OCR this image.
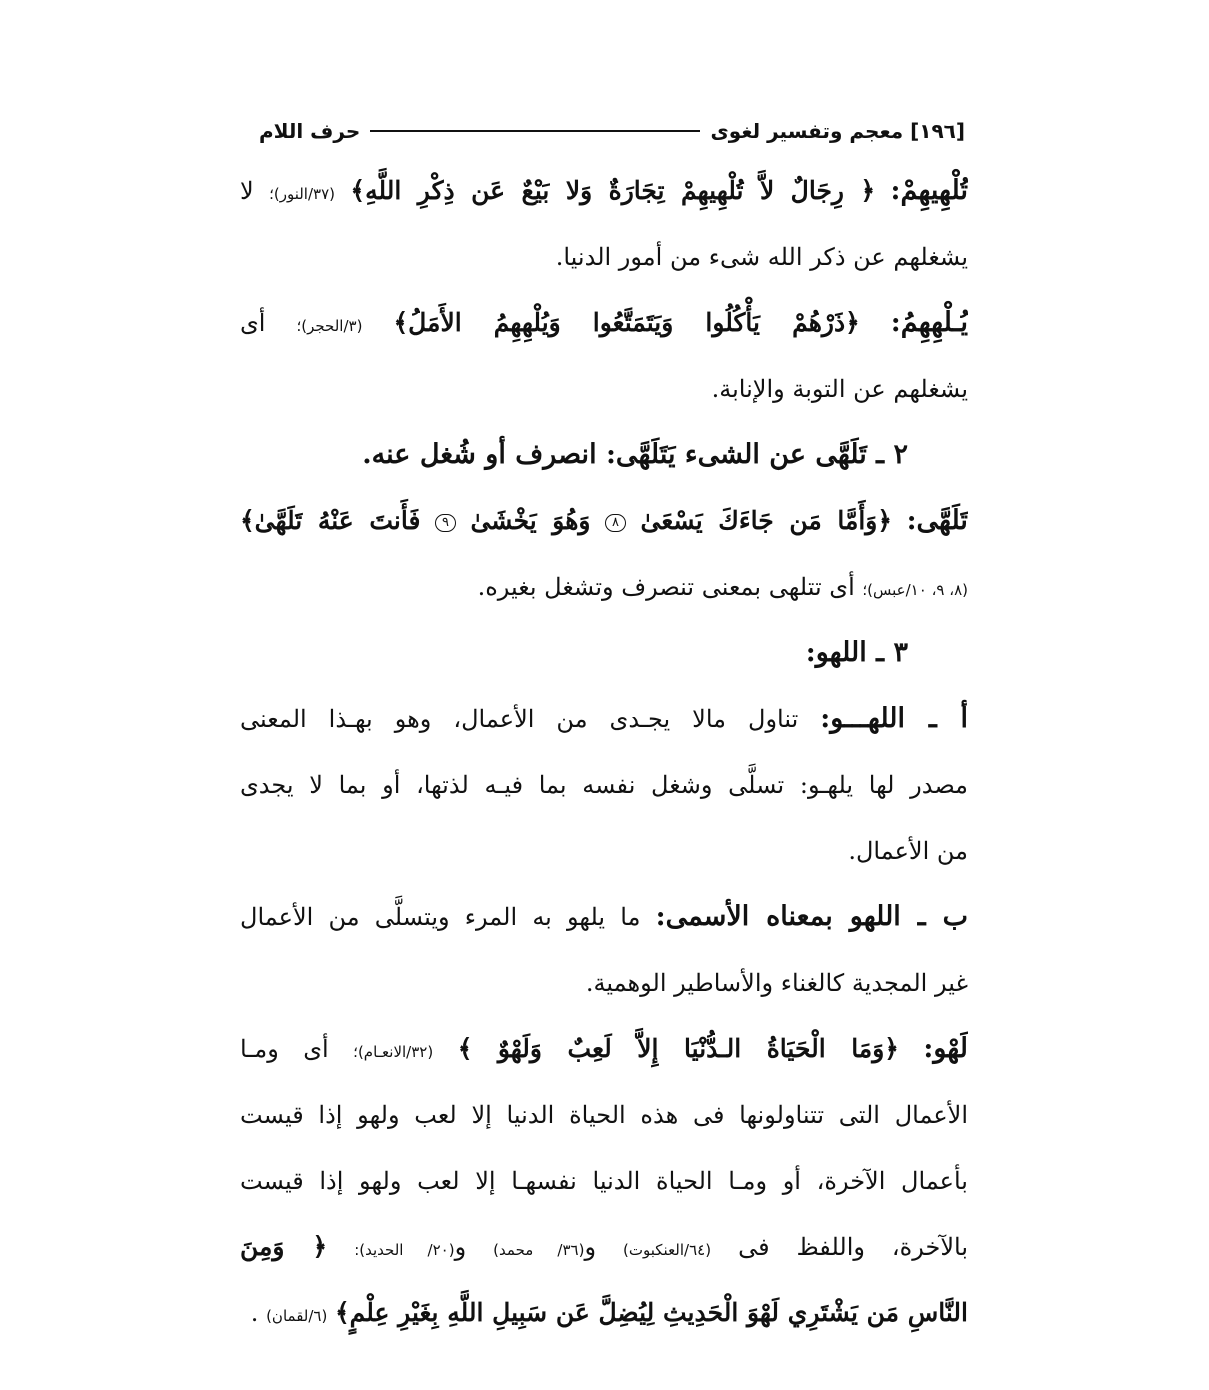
[١٩٦] معجم وتفسير لغوى
حرف اللام
تُلْهِيهِمْ: ﴿ رِجَالٌ لاَّ تُلْهِيهِمْ تِجَارَةٌ وَلا بَيْعٌ عَن ذِكْرِ اللَّهِ﴾ (٣٧/النور)؛ لا
يشغلهم عن ذكر الله شىء من أمور الدنيا.
يُـلْهِهِمُ: ﴿ذَرْهُمْ يَأْكُلُوا وَيَتَمَتَّعُوا وَيُلْهِهِمُ الأَمَلُ﴾ (٣/الحجر)؛ أى
يشغلهم عن التوبة والإنابة.
٢ ـ تَلَهَّى عن الشىء يَتَلَهَّى: انصرف أو شُغل عنه.
تَلَهَّى: ﴿وَأَمَّا مَن جَاءَكَ يَسْعَىٰ ٨ وَهُوَ يَخْشَىٰ ٩ فَأَنتَ عَنْهُ تَلَهَّىٰ﴾
(٨، ٩، ١٠/عبس)؛ أى تتلهى بمعنى تنصرف وتشغل بغيره.
٣ ـ اللهو:
أ ـ اللهـــو: تناول مالا يجـدى من الأعمال، وهو بهـذا المعنى
مصدر لها يلهـو: تسلَّى وشغل نفسه بما فيـه لذتها، أو بما لا يجدى
من الأعمال.
ب ـ اللهو بمعناه الأسمى: ما يلهو به المرء ويتسلَّى من الأعمال
غير المجدية كالغناء والأساطير الوهمية.
لَهْو: ﴿وَمَا الْحَيَاةُ الـدُّنْيَا إِلاَّ لَعِبٌ وَلَهْوٌ ﴾ (٣٢/الانعـام)؛ أى ومـا
الأعمال التى تتناولونها فى هذه الحياة الدنيا إلا لعب ولهو إذا قيست
بأعمال الآخرة، أو ومـا الحياة الدنيا نفسهـا إلا لعب ولهو إذا قيست
بالآخرة، واللفظ فى (٦٤/العنكبوت) و(٣٦/ محمد) و(٢٠/ الحديد): ﴿ وَمِنَ
النَّاسِ مَن يَشْتَرِي لَهْوَ الْحَدِيثِ لِيُضِلَّ عَن سَبِيلِ اللَّهِ بِغَيْرِ عِلْمٍ﴾ (٦/لقمان) .
